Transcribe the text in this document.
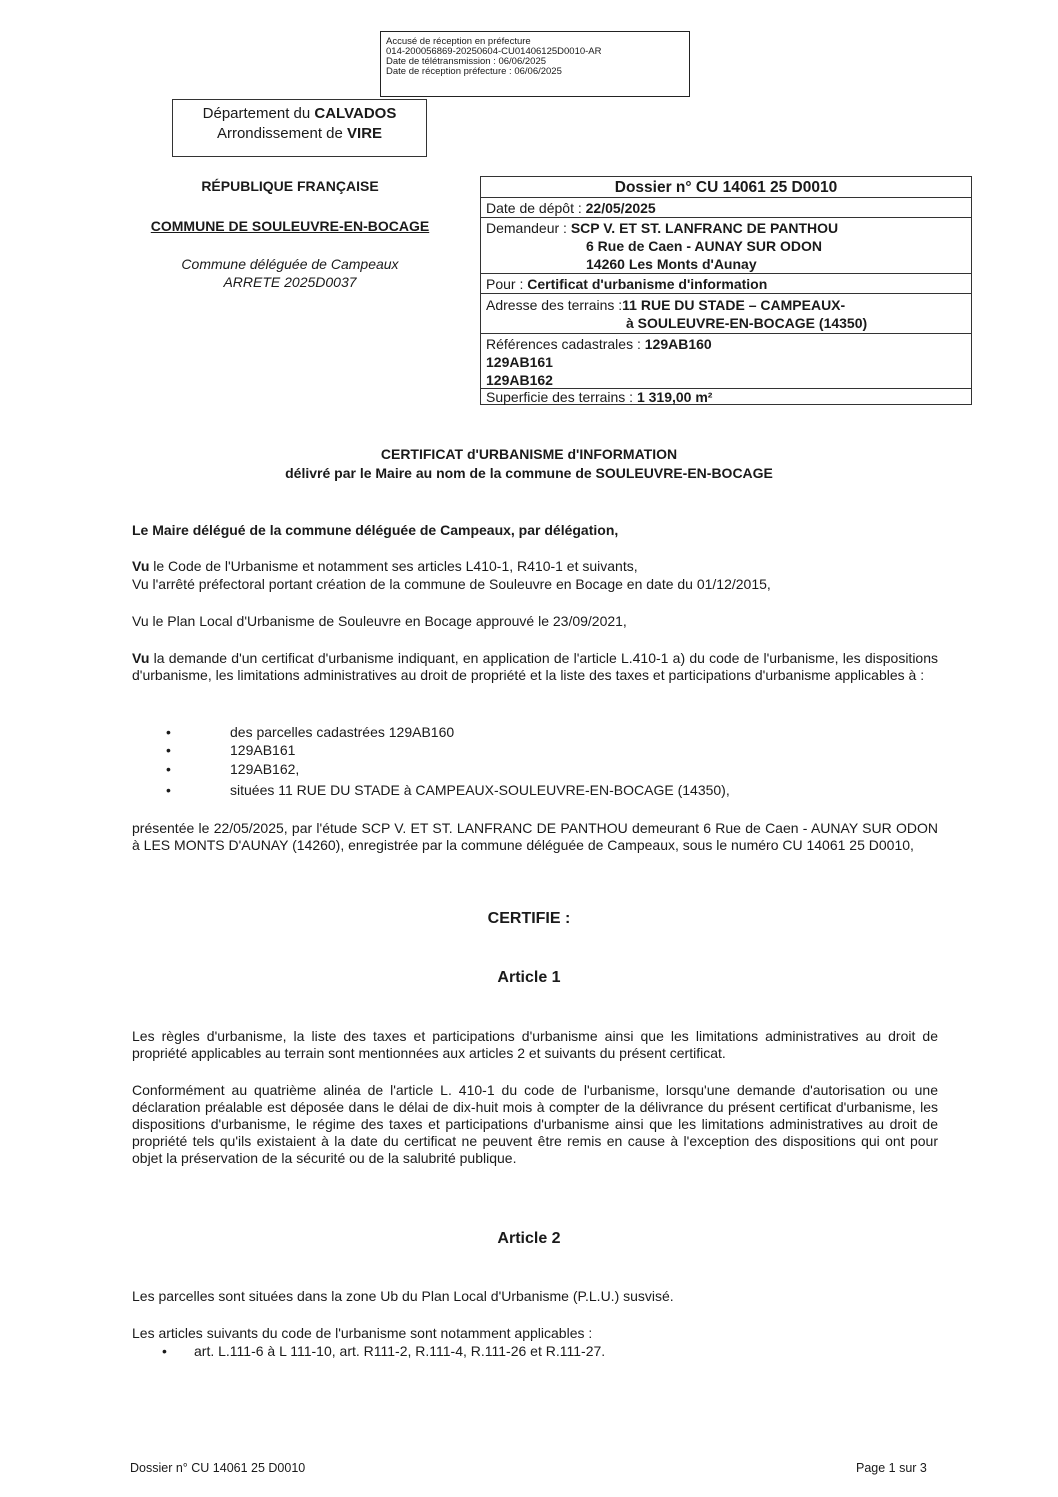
Accusé de réception en préfecture
014-200056869-20250604-CU01406125D0010-AR
Date de télétransmission : 06/06/2025
Date de réception préfecture : 06/06/2025
Département du CALVADOS
Arrondissement de VIRE
RÉPUBLIQUE FRANÇAISE
COMMUNE DE SOULEUVRE-EN-BOCAGE
Commune déléguée de Campeaux
ARRETE 2025D0037
Dossier n° CU 14061 25 D0010
Date de dépôt : 22/05/2025
Demandeur : SCP V. ET ST. LANFRANC DE PANTHOU
6 Rue de Caen - AUNAY SUR ODON
14260 Les Monts d'Aunay
Pour : Certificat d'urbanisme d'information
Adresse des terrains :11 RUE DU STADE – CAMPEAUX-
à SOULEUVRE-EN-BOCAGE (14350)
Références cadastrales : 129AB160
129AB161
129AB162
Superficie des terrains : 1 319,00 m²
CERTIFICAT d'URBANISME d'INFORMATION
délivré par le Maire au nom de la commune de SOULEUVRE-EN-BOCAGE
Le Maire délégué de la commune déléguée de Campeaux, par délégation,
Vu le Code de l'Urbanisme et notamment ses articles L410-1, R410-1 et suivants,
Vu l'arrêté préfectoral portant création de la commune de Souleuvre en Bocage en date du 01/12/2015,
Vu le Plan Local d'Urbanisme de Souleuvre en Bocage approuvé le 23/09/2021,
Vu la demande d'un certificat d'urbanisme indiquant, en application de l'article L.410-1 a) du code de l'urbanisme, les dispositions d'urbanisme, les limitations administratives au droit de propriété et la liste des taxes et participations d'urbanisme applicables à :
•	des parcelles cadastrées 129AB160
•	129AB161
•	129AB162,
•	situées 11 RUE DU STADE à CAMPEAUX-SOULEUVRE-EN-BOCAGE (14350),
présentée le 22/05/2025, par l'étude SCP V. ET ST. LANFRANC DE PANTHOU demeurant 6 Rue de Caen - AUNAY SUR ODON à LES MONTS D'AUNAY (14260), enregistrée par la commune déléguée de Campeaux, sous le numéro CU 14061 25 D0010,
CERTIFIE :
Article 1
Les règles d'urbanisme, la liste des taxes et participations d'urbanisme ainsi que les limitations administratives au droit de propriété applicables au terrain sont mentionnées aux articles 2 et suivants du présent certificat.
Conformément au quatrième alinéa de l'article L. 410-1 du code de l'urbanisme, lorsqu'une demande d'autorisation ou une déclaration préalable est déposée dans le délai de dix-huit mois à compter de la délivrance du présent certificat d'urbanisme, les dispositions d'urbanisme, le régime des taxes et participations d'urbanisme ainsi que les limitations administratives au droit de propriété tels qu'ils existaient à la date du certificat ne peuvent être remis en cause à l'exception des dispositions qui ont pour objet la préservation de la sécurité ou de la salubrité publique.
Article 2
Les parcelles sont situées dans la zone Ub du Plan Local d'Urbanisme (P.L.U.) susvisé.
Les articles suivants du code de l'urbanisme sont notamment applicables :
• art. L.111-6 à L 111-10, art. R111-2, R.111-4, R.111-26 et R.111-27.
Dossier n° CU 14061 25 D0010	Page 1 sur 3
